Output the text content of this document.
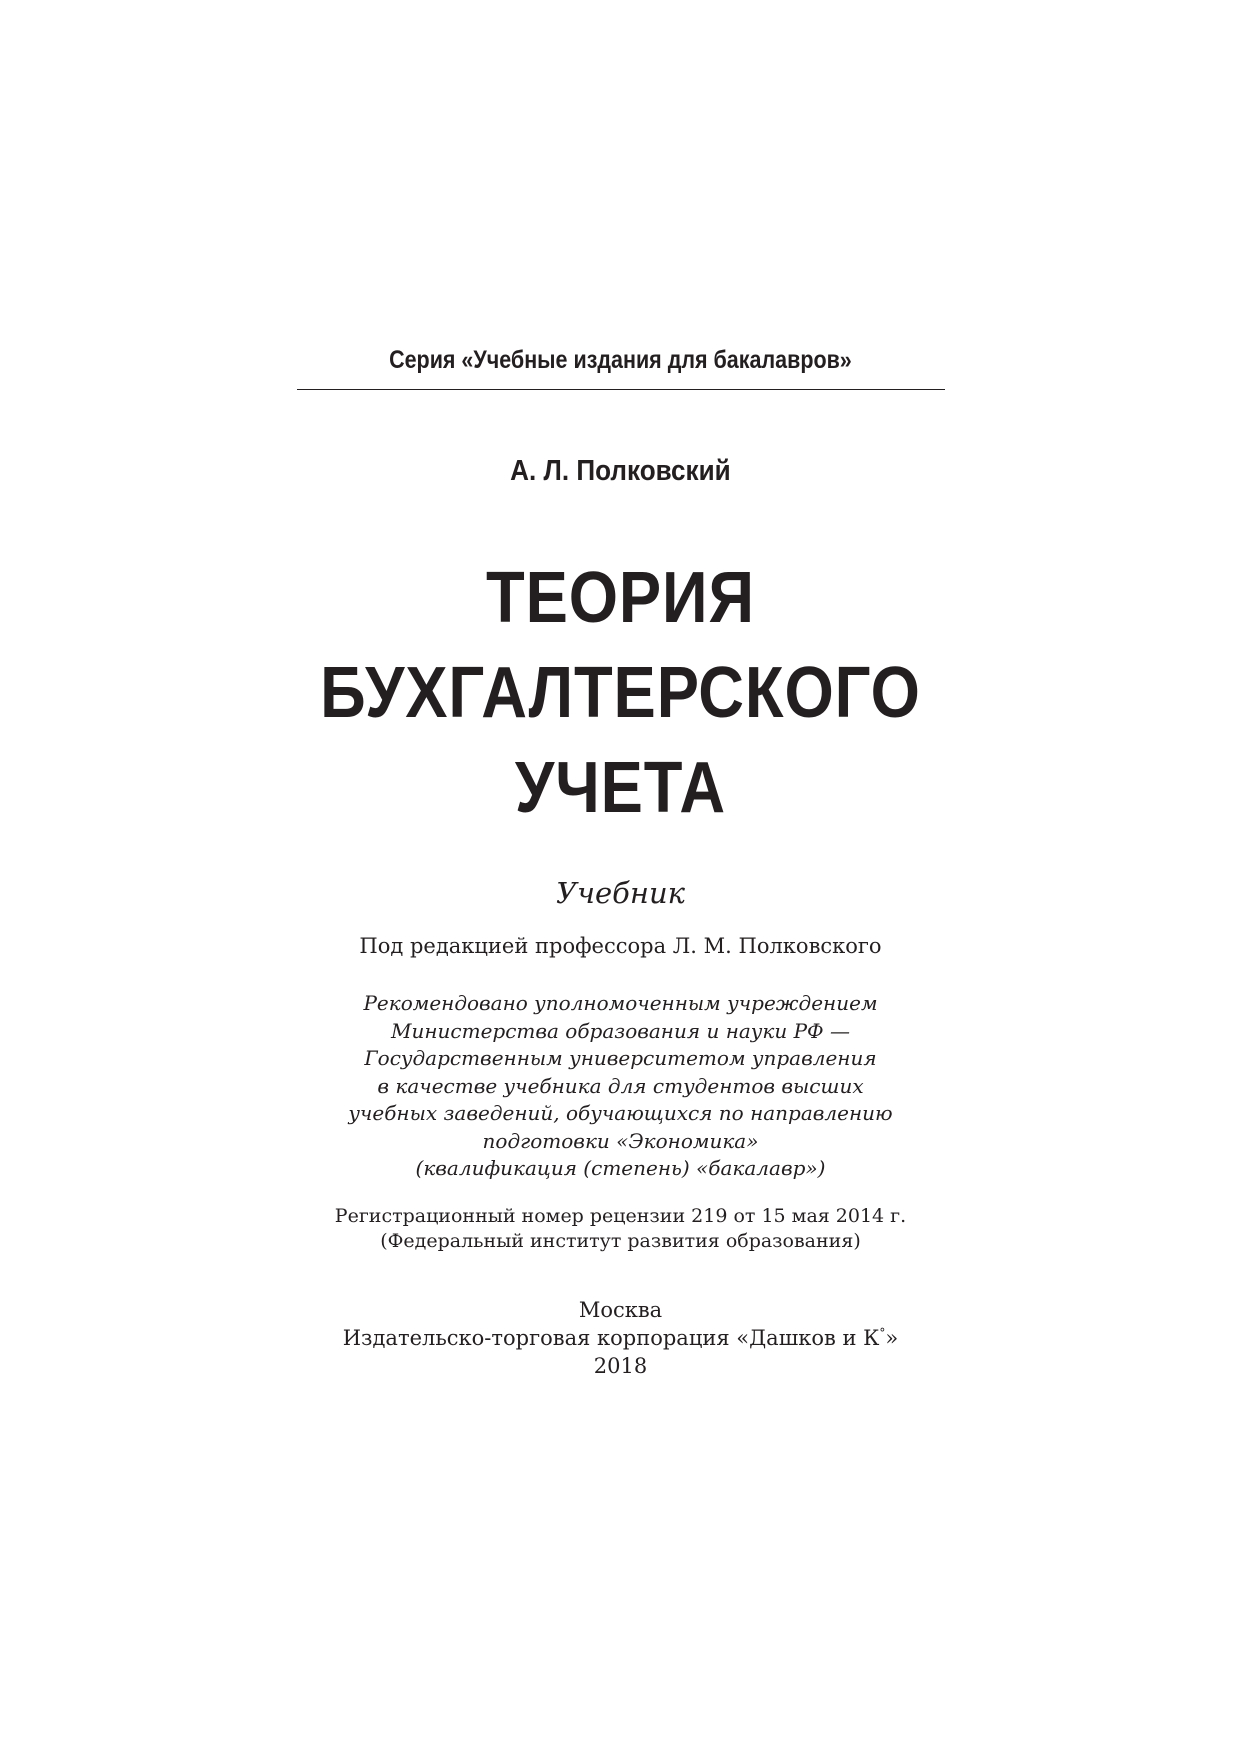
Серия «Учебные издания для бакалавров»
А. Л. Полковский
ТЕОРИЯ
БУХГАЛТЕРСКОГО
УЧЕТА
Учебник
Под редакцией профессора Л. М. Полковского
Рекомендовано уполномоченным учреждением
Министерства образования и науки РФ —
Государственным университетом управления
в качестве учебника для студентов высших
учебных заведений, обучающихся по направлению
подготовки «Экономика»
(квалификация (степень) «бакалавр»)
Регистрационный номер рецензии 219 от 15 мая 2014 г.
(Федеральный институт развития образования)
Москва
Издательско-торговая корпорация «Дашков и К°»
2018
